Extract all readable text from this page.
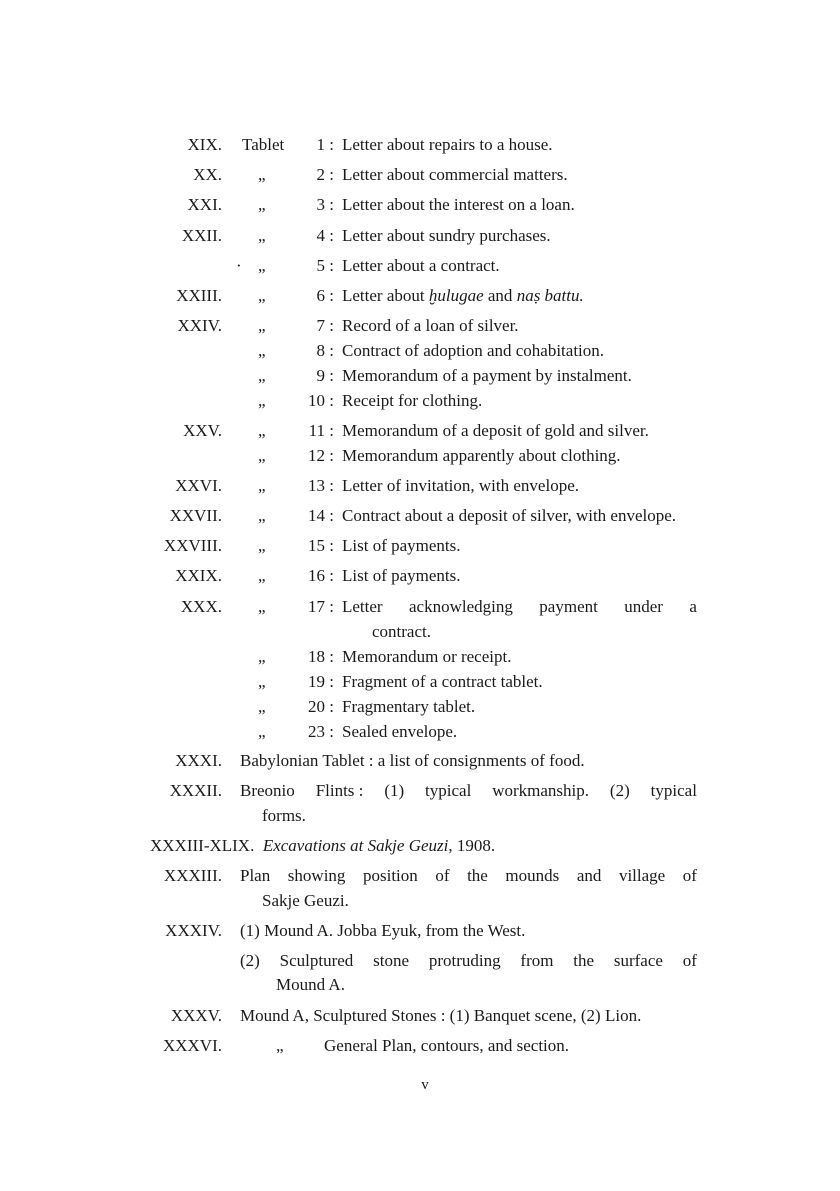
XIX. Tablet	1 : Letter about repairs to a house.
XX. „	2 : Letter about commercial matters.
XXI. „	3 : Letter about the interest on a loan.
XXII. „	4 : Letter about sundry purchases.
· „	5 : Letter about a contract.
XXIII. „	6 : Letter about ḫulugae and naṣ battu.
XXIV. „	7 : Record of a loan of silver.
„	8 : Contract of adoption and cohabitation.
„	9 : Memorandum of a payment by instalment.
„	10 : Receipt for clothing.
XXV. „	11 : Memorandum of a deposit of gold and silver.
„	12 : Memorandum apparently about clothing.
XXVI. „	13 : Letter of invitation, with envelope.
XXVII. „	14 : Contract about a deposit of silver, with envelope.
XXVIII. „	15 : List of payments.
XXIX. „	16 : List of payments.
XXX. „	17 : Letter acknowledging payment under a
contract.
„	18 : Memorandum or receipt.
„	19 : Fragment of a contract tablet.
„	20 : Fragmentary tablet.
„	23 : Sealed envelope.
XXXI. Babylonian Tablet : a list of consignments of food.
XXXII. Breonio Flints : (1) typical workmanship. (2) typical
forms.
XXXIII-XLIX. Excavations at Sakje Geuzi, 1908.
XXXIII. Plan showing position of the mounds and village of
Sakje Geuzi.
XXXIV. (1) Mound A. Jobba Eyuk, from the West.
(2) Sculptured stone protruding from the surface of
Mound A.
XXXV. Mound A, Sculptured Stones : (1) Banquet scene, (2) Lion.
XXXVI.	„ General Plan, contours, and section.
v
